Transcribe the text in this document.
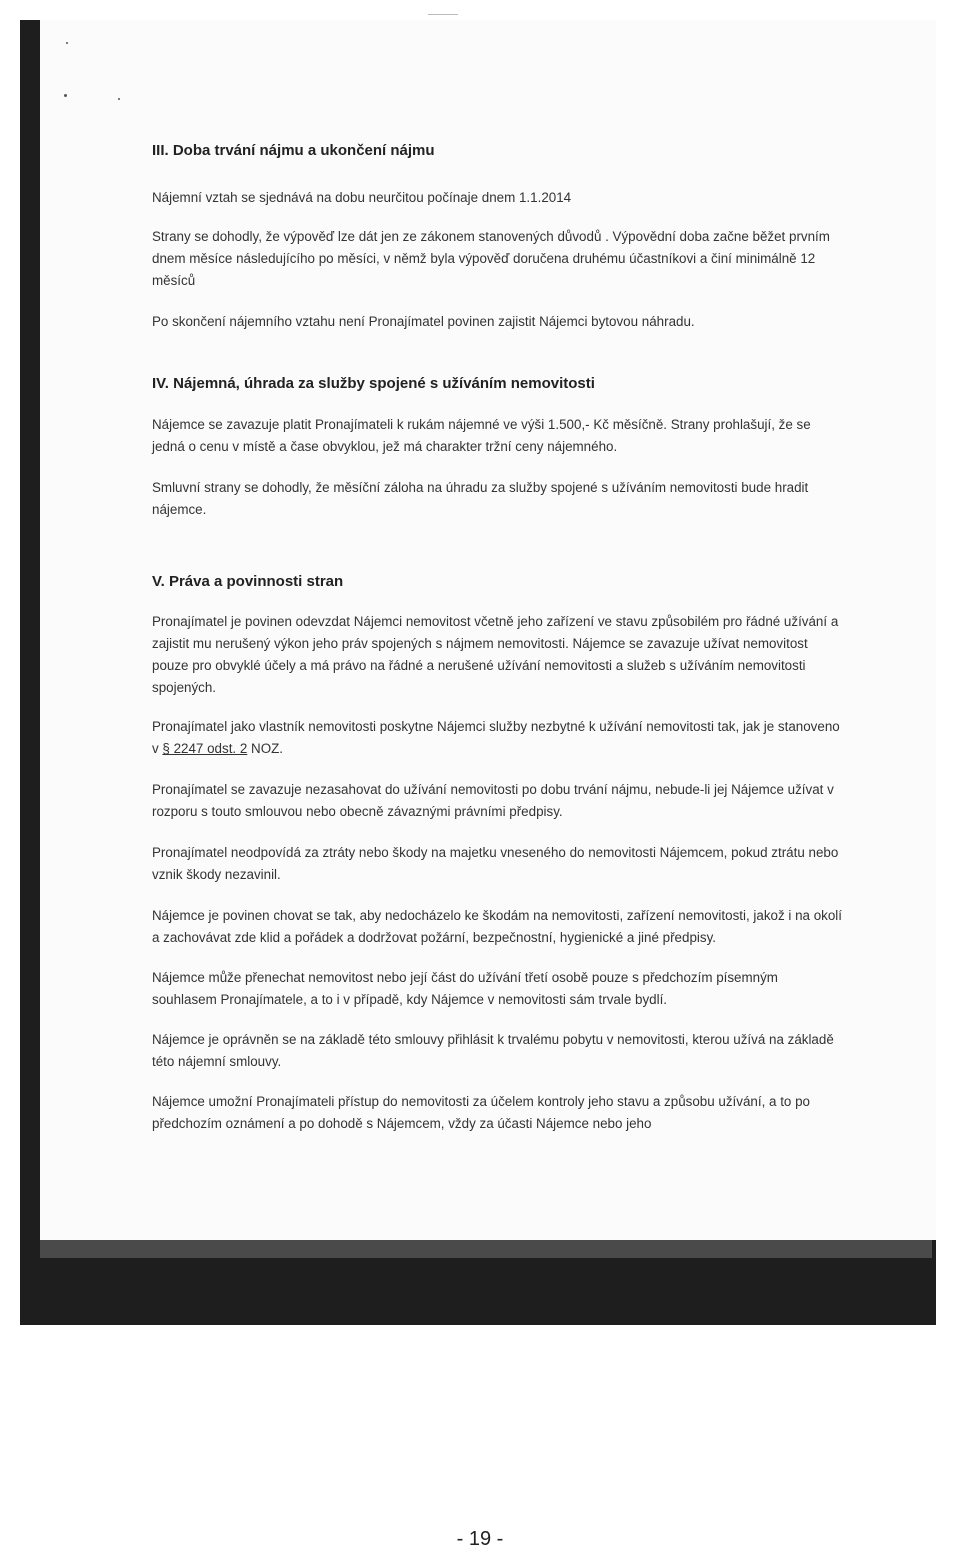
III. Doba trvání nájmu a ukončení nájmu

Nájemní vztah se sjednává na dobu neurčitou počínaje dnem 1.1.2014

Strany se dohodly, že výpověď lze dát jen ze zákonem stanovených důvodů . Výpovědní doba začne běžet prvním dnem měsíce následujícího po měsíci, v němž byla výpověď doručena druhému účastníkovi a činí minimálně 12 měsíců

Po skončení nájemního vztahu není Pronajímatel povinen zajistit Nájemci bytovou náhradu.

IV. Nájemná, úhrada za služby spojené s užíváním nemovitosti

Nájemce se zavazuje platit Pronajímateli k rukám nájemné ve výši 1.500,- Kč měsíčně. Strany prohlašují, že se jedná o cenu v místě a čase obvyklou, jež má charakter tržní ceny nájemného.

Smluvní strany se dohodly, že měsíční záloha na úhradu za služby spojené s užíváním nemovitosti bude hradit nájemce.

V. Práva a povinnosti stran

Pronajímatel je povinen odevzdat Nájemci nemovitost včetně jeho zařízení ve stavu způsobilém pro řádné užívání a zajistit mu nerušený výkon jeho práv spojených s nájmem nemovitosti. Nájemce se zavazuje užívat nemovitost pouze pro obvyklé účely a má právo na řádné a nerušené užívání nemovitosti a služeb s užíváním nemovitosti spojených.

Pronajímatel jako vlastník nemovitosti poskytne Nájemci služby nezbytné k užívání nemovitosti tak, jak je stanoveno v § 2247 odst. 2 NOZ.

Pronajímatel se zavazuje nezasahovat do užívání nemovitosti po dobu trvání nájmu, nebude-li jej Nájemce užívat v rozporu s touto smlouvou nebo obecně závaznými právními předpisy.

Pronajímatel neodpovídá za ztráty nebo škody na majetku vneseného do nemovitosti Nájemcem, pokud ztrátu nebo vznik škody nezavinil.

Nájemce je povinen chovat se tak, aby nedocházelo ke škodám na nemovitosti, zařízení nemovitosti, jakož i na okolí a zachovávat zde klid a pořádek a dodržovat požární, bezpečnostní, hygienické a jiné předpisy.

Nájemce může přenechat nemovitost nebo její část do užívání třetí osobě pouze s předchozím písemným souhlasem Pronajímatele, a to i v případě, kdy Nájemce v nemovitosti sám trvale bydlí.

Nájemce je oprávněn se na základě této smlouvy přihlásit k trvalému pobytu v nemovitosti, kterou užívá na základě této nájemní smlouvy.

Nájemce umožní Pronajímateli přístup do nemovitosti za účelem kontroly jeho stavu a způsobu užívání, a to po předchozím oznámení a po dohodě s Nájemcem, vždy za účasti Nájemce nebo jeho

- 19 -
